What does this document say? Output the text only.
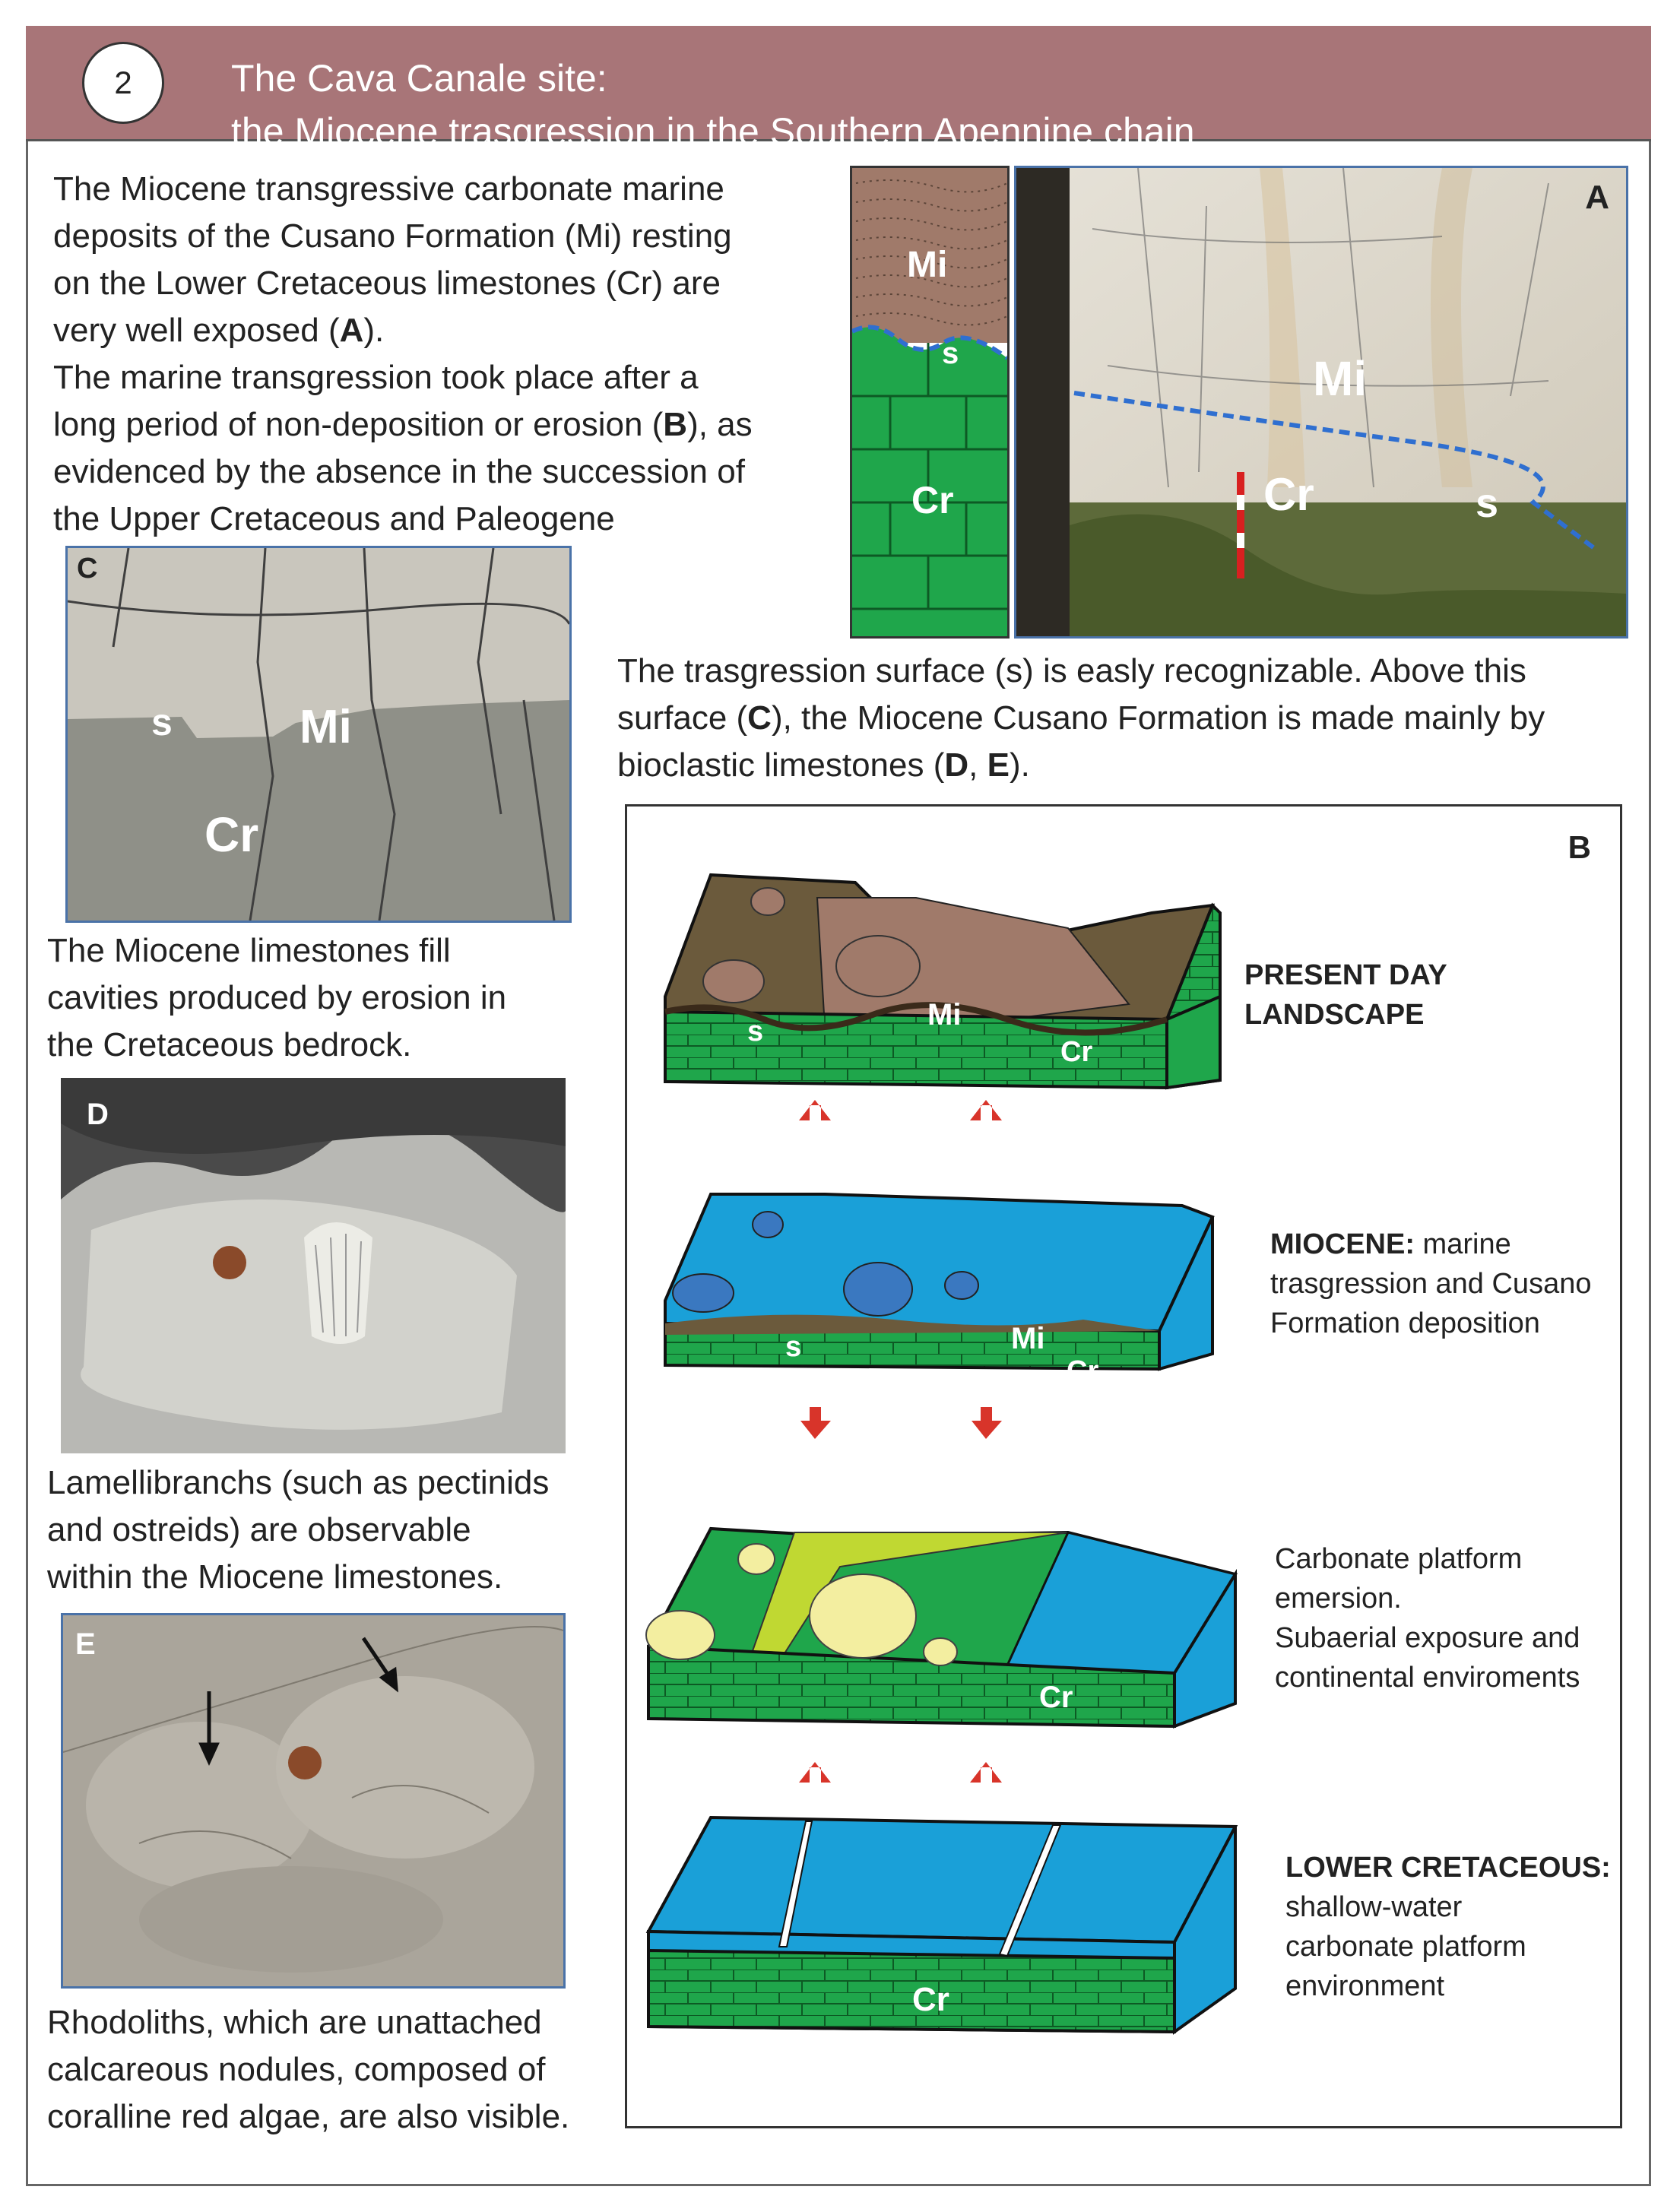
The Cava Canale site:
the Miocene trasgression in the Southern Apennine chain
2
The Miocene transgressive carbonate marine
deposits of the Cusano Formation (Mi) resting
on the Lower Cretaceous limestones (Cr) are
very well exposed (A).
The marine transgression took place after a
long period of non-deposition or erosion (B), as
evidenced by the absence in the succession of
the Upper Cretaceous and Paleogene
Mi
s
Cr
A
Mi
Cr	s
The trasgression surface (s) is easly recognizable. Above this
surface (C), the Miocene Cusano Formation is made mainly by
bioclastic limestones (D, E).
C
s	Mi
Cr
The Miocene limestones fill
cavities produced by erosion in
the Cretaceous bedrock.
D
Lamellibranchs (such as pectinids
and ostreids) are observable
within the Miocene limestones.
E
Rhodoliths, which are unattached
calcareous nodules, composed of
coralline red algae, are also visible.
B
s	Mi
Cr
PRESENT DAY LANDSCAPE
s	Mi
Cr
MIOCENE: marine
trasgression and Cusano
Formation deposition
Cr
Carbonate platform
emersion.
Subaerial exposure and
continental enviroments
Cr
LOWER CRETACEOUS:
shallow-water
carbonate platform
environment
